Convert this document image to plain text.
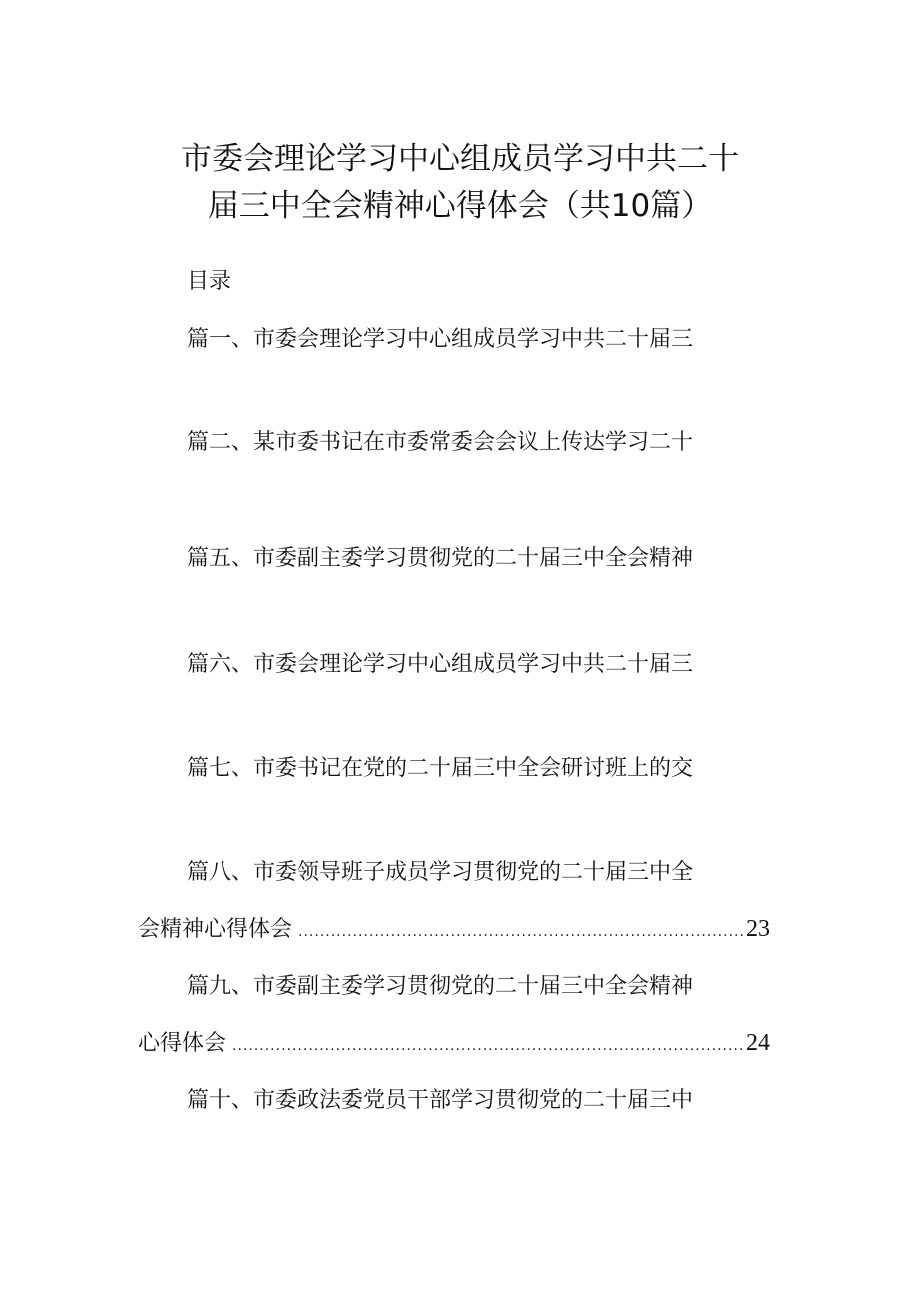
市委会理论学习中心组成员学习中共二十
届三中全会精神心得体会（共10篇）
目录
篇一、市委会理论学习中心组成员学习中共二十届三
篇二、某市委书记在市委常委会会议上传达学习二十
篇五、市委副主委学习贯彻党的二十届三中全会精神
篇六、市委会理论学习中心组成员学习中共二十届三
篇七、市委书记在党的二十届三中全会研讨班上的交
篇八、市委领导班子成员学习贯彻党的二十届三中全
会精神心得体会 .....	23
篇九、市委副主委学习贯彻党的二十届三中全会精神
心得体会 .....	24
篇十、市委政法委党员干部学习贯彻党的二十届三中
